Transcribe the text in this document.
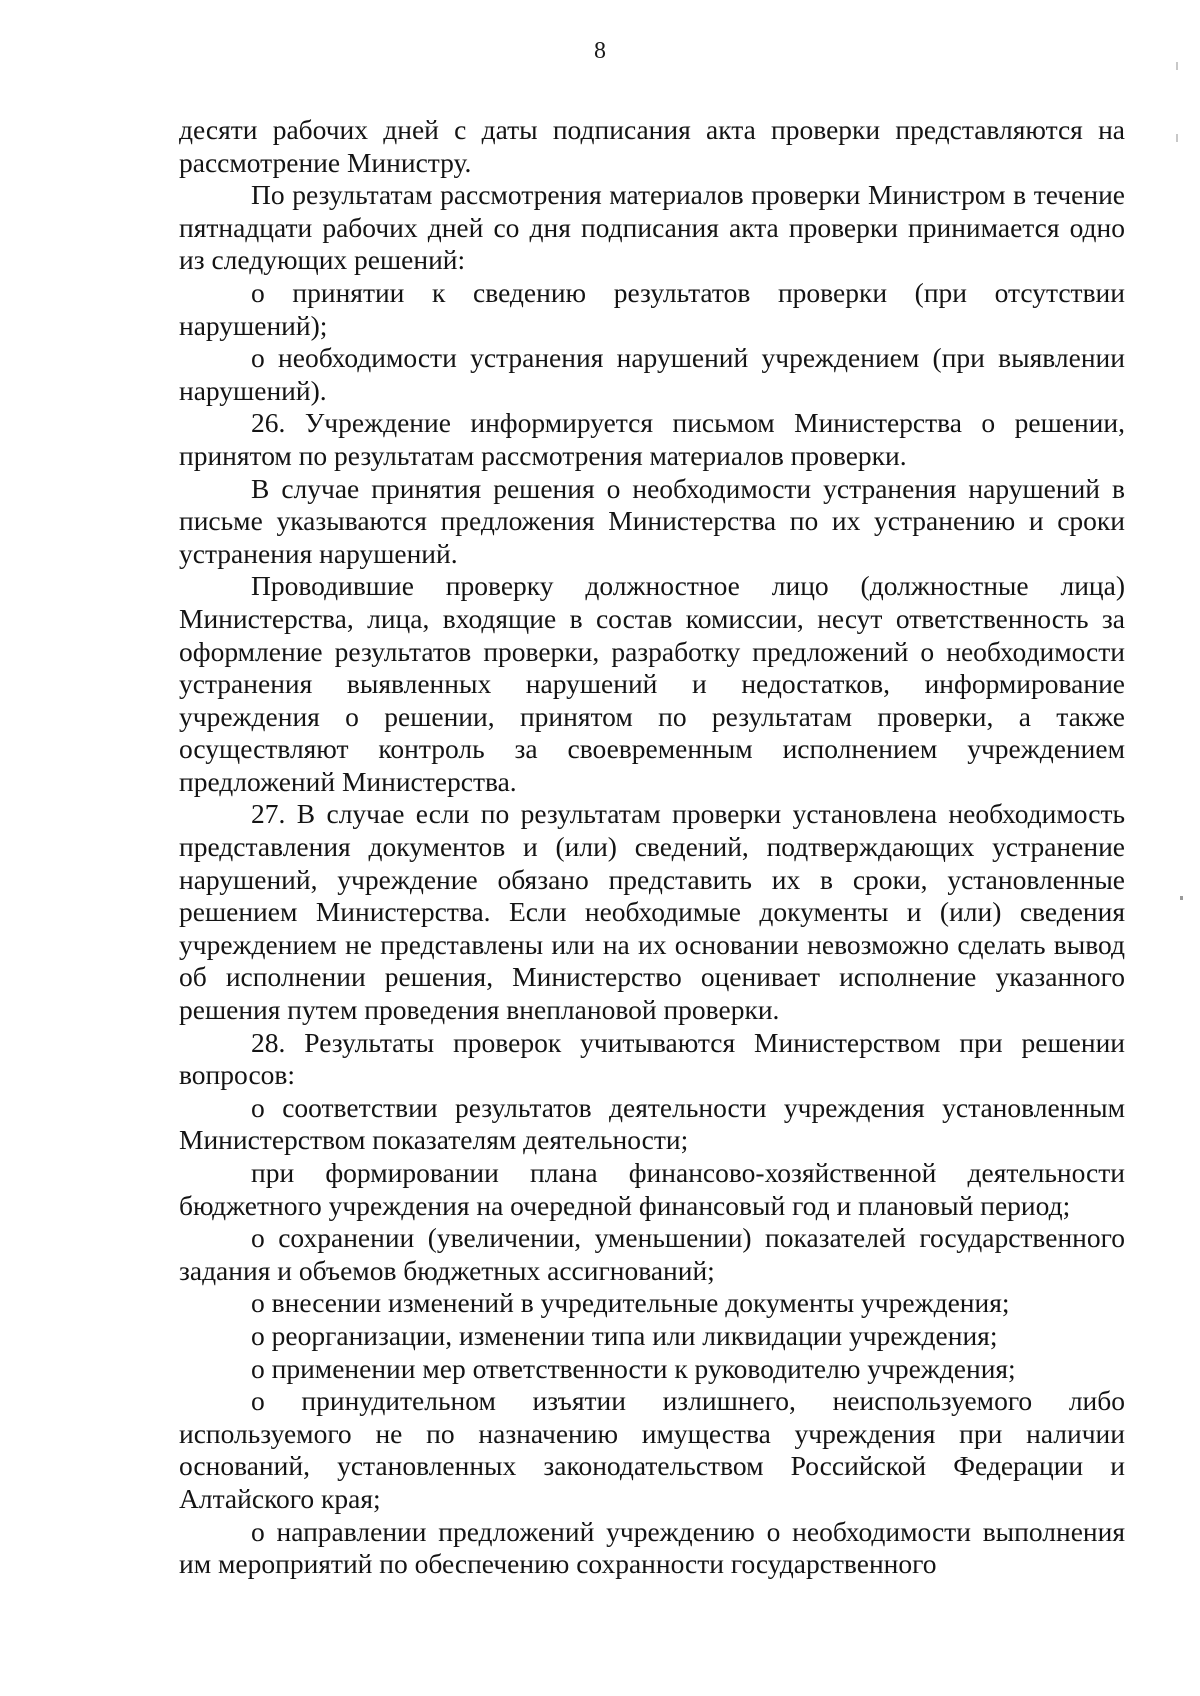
8

десяти рабочих дней с даты подписания акта проверки представляются на рассмотрение Министру.

По результатам рассмотрения материалов проверки Министром в течение пятнадцати рабочих дней со дня подписания акта проверки принимается одно из следующих решений:

о принятии к сведению результатов проверки (при отсутствии нарушений);

о необходимости устранения нарушений учреждением (при выявлении нарушений).

26. Учреждение информируется письмом Министерства о решении, принятом по результатам рассмотрения материалов проверки.

В случае принятия решения о необходимости устранения нарушений в письме указываются предложения Министерства по их устранению и сроки устранения нарушений.

Проводившие проверку должностное лицо (должностные лица) Министерства, лица, входящие в состав комиссии, несут ответственность за оформление результатов проверки, разработку предложений о необходимости устранения выявленных нарушений и недостатков, информирование учреждения о решении, принятом по результатам проверки, а также осуществляют контроль за своевременным исполнением учреждением предложений Министерства.

27. В случае если по результатам проверки установлена необходимость представления документов и (или) сведений, подтверждающих устранение нарушений, учреждение обязано представить их в сроки, установленные решением Министерства. Если необходимые документы и (или) сведения учреждением не представлены или на их основании невозможно сделать вывод об исполнении решения, Министерство оценивает исполнение указанного решения путем проведения внеплановой проверки.

28. Результаты проверок учитываются Министерством при решении вопросов:

о соответствии результатов деятельности учреждения установленным Министерством показателям деятельности;

при формировании плана финансово-хозяйственной деятельности бюджетного учреждения на очередной финансовый год и плановый период;

о сохранении (увеличении, уменьшении) показателей государственного задания и объемов бюджетных ассигнований;

о внесении изменений в учредительные документы учреждения;

о реорганизации, изменении типа или ликвидации учреждения;

о применении мер ответственности к руководителю учреждения;

о принудительном изъятии излишнего, неиспользуемого либо используемого не по назначению имущества учреждения при наличии оснований, установленных законодательством Российской Федерации и Алтайского края;

о направлении предложений учреждению о необходимости выполнения им мероприятий по обеспечению сохранности государственного
